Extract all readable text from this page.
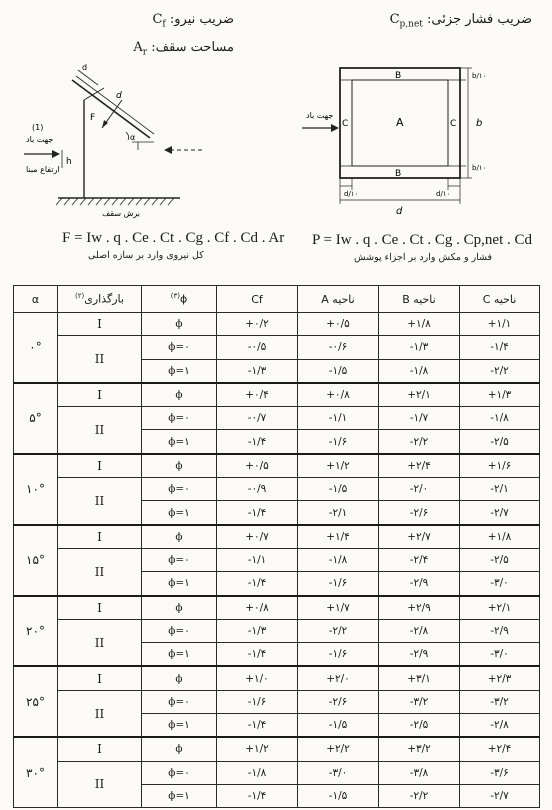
ضریب فشار جزئی: $C_{p,net}$
ضریب نیرو: $C_f$
مساحت سقف: $A_r$
d
d
(1)
جهت باد
F
h
ارتفاع مبنا
α
برش سقف
F = Iw . q . Ce . Ct . Cg . Cf . Cd . Ar
کل نیروی وارد بر سازه اصلی
جهت باد
A
B
B
C	C b
d
b/۱۰
b/۱۰
d/۱۰	d/۱۰
P = Iw . q . Ce . Ct . Cg . Cp,net . Cd
فشار و مکش وارد بر اجزاء پوشش
α	بارگذاری$^{(۲)}$	$^{(۳)}$ϕ	Cf	ناحیه A	ناحیه B	ناحیه C
۰°	I	ϕ	+۰/۲	+۰/۵	+۱/۸	+۱/۱
	II	ϕ=۰	-۰/۵	-۰/۶	-۱/۳	-۱/۴
		ϕ=۱	-۱/۳	-۱/۵	-۱/۸	-۲/۲
۵°	I	ϕ	+۰/۴	+۰/۸	+۲/۱	+۱/۳
	II	ϕ=۰	-۰/۷	-۱/۱	-۱/۷	-۱/۸
		ϕ=۱	-۱/۴	-۱/۶	-۲/۲	-۲/۵
۱۰°	I	ϕ	+۰/۵	+۱/۲	+۲/۴	+۱/۶
	II	ϕ=۰	-۰/۹	-۱/۵	-۲/۰	-۲/۱
		ϕ=۱	-۱/۴	-۲/۱	-۲/۶	-۲/۷
۱۵°	I	ϕ	+۰/۷	+۱/۴	+۲/۷	+۱/۸
	II	ϕ=۰	-۱/۱	-۱/۸	-۲/۴	-۲/۵
		ϕ=۱	-۱/۴	-۱/۶	-۲/۹	-۳/۰
۲۰°	I	ϕ	+۰/۸	+۱/۷	+۲/۹	+۲/۱
	II	ϕ=۰	-۱/۳	-۲/۲	-۲/۸	-۲/۹
		ϕ=۱	-۱/۴	-۱/۶	-۲/۹	-۳/۰
۲۵°	I	ϕ	+۱/۰	+۲/۰	+۳/۱	+۲/۳
	II	ϕ=۰	-۱/۶	-۲/۶	-۳/۲	-۳/۲
		ϕ=۱	-۱/۴	-۱/۵	-۲/۵	-۲/۸
۳۰°	I	ϕ	+۱/۲	+۲/۲	+۳/۲	+۲/۴
	II	ϕ=۰	-۱/۸	-۳/۰	-۳/۸	-۳/۶
		ϕ=۱	-۱/۴	-۱/۵	-۲/۲	-۲/۷
